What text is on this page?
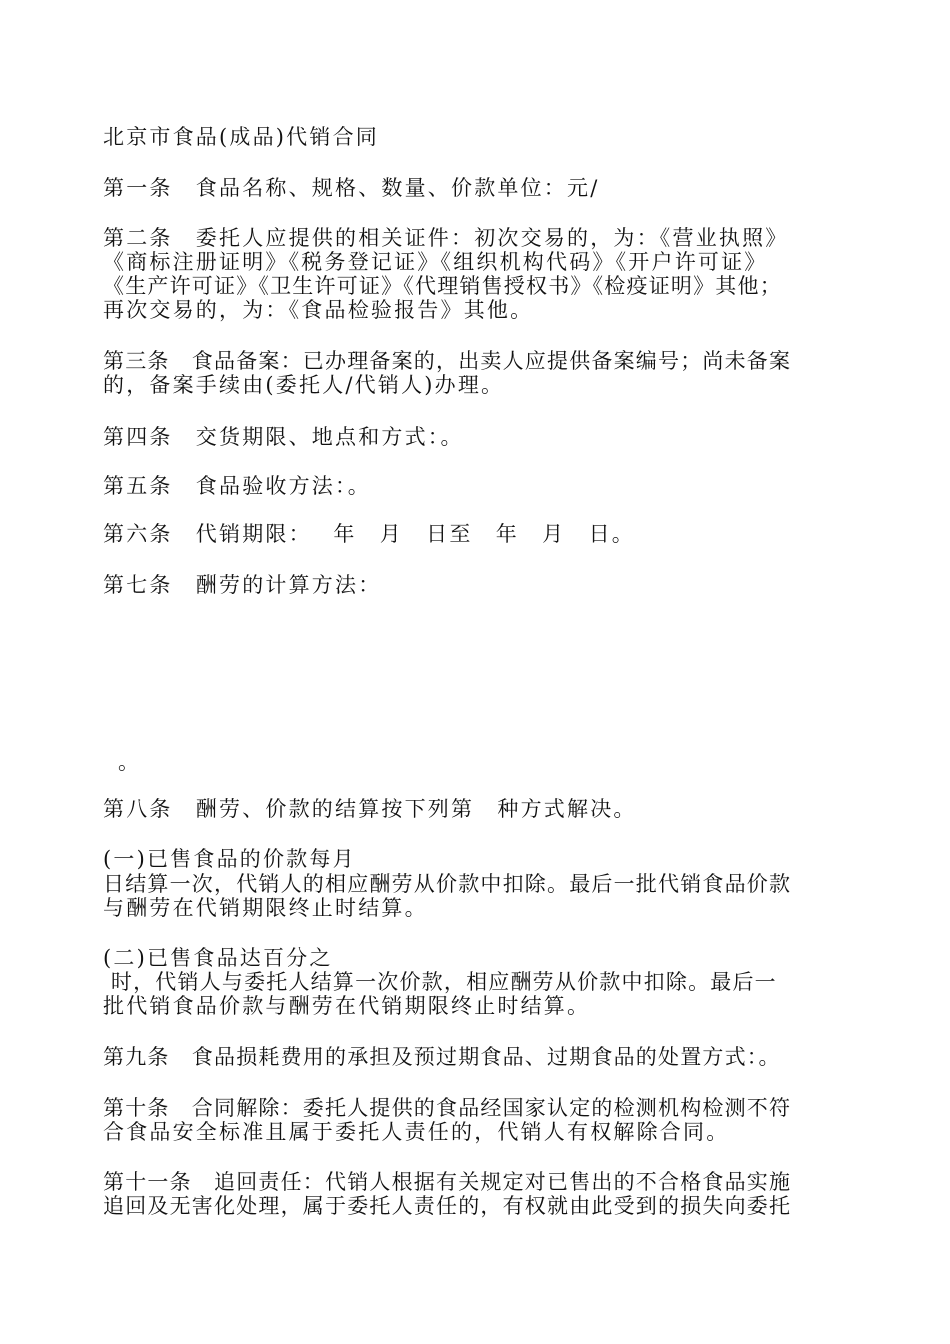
北京市食品(成品)代销合同

第一条　食品名称、规格、数量、价款单位：元/

第二条　委托人应提供的相关证件：初次交易的，为：《营业执照》

《商标注册证明》《税务登记证》《组织机构代码》《开户许可证》

《生产许可证》《卫生许可证》《代理销售授权书》《检疫证明》其他；

再次交易的，为：《食品检验报告》其他。

第三条　食品备案：已办理备案的，出卖人应提供备案编号；尚未备案

的，备案手续由(委托人/代销人)办理。

第四条　交货期限、地点和方式：。

第五条　食品验收方法：。

第六条　代销期限：　 年　月　日至　年　月　日。

第七条　酬劳的计算方法：

。

第八条　酬劳、价款的结算按下列第　种方式解决。

(一)已售食品的价款每月

日结算一次，代销人的相应酬劳从价款中扣除。最后一批代销食品价款

与酬劳在代销期限终止时结算。

(二)已售食品达百分之

时，代销人与委托人结算一次价款，相应酬劳从价款中扣除。最后一

批代销食品价款与酬劳在代销期限终止时结算。

第九条　食品损耗费用的承担及预过期食品、过期食品的处置方式：。

第十条　合同解除：委托人提供的食品经国家认定的检测机构检测不符

合食品安全标准且属于委托人责任的，代销人有权解除合同。

第十一条　追回责任：代销人根据有关规定对已售出的不合格食品实施

追回及无害化处理，属于委托人责任的，有权就由此受到的损失向委托
